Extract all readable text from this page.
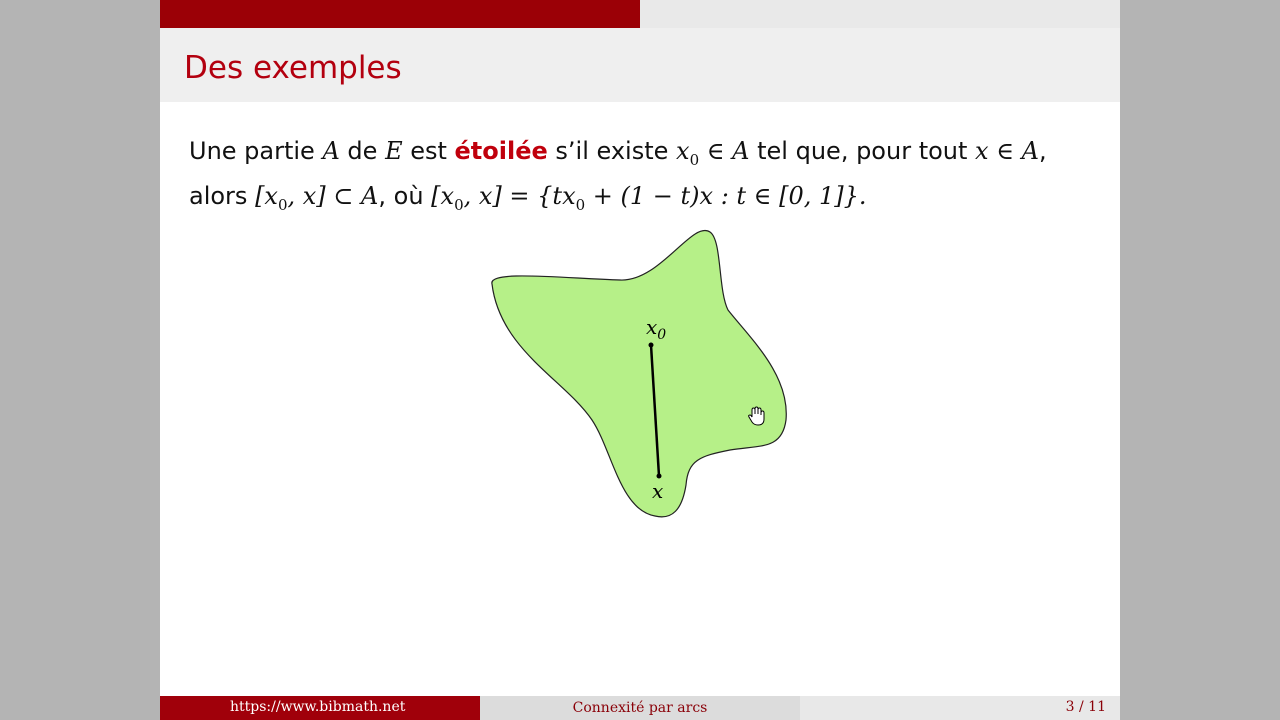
Des exemples
Une partie A de E est étoilée s’il existe $x_0$ ∈ A tel que, pour tout x ∈ A,
alors [$x_0$, x] ⊂ A, où [$x_0$, $x] = \{tx_0 + (1 - t)x$ : t ∈ [0, 1]}.
$x_0$
x
https://www.bibmath.net	Connexité par arcs	3 / 11
